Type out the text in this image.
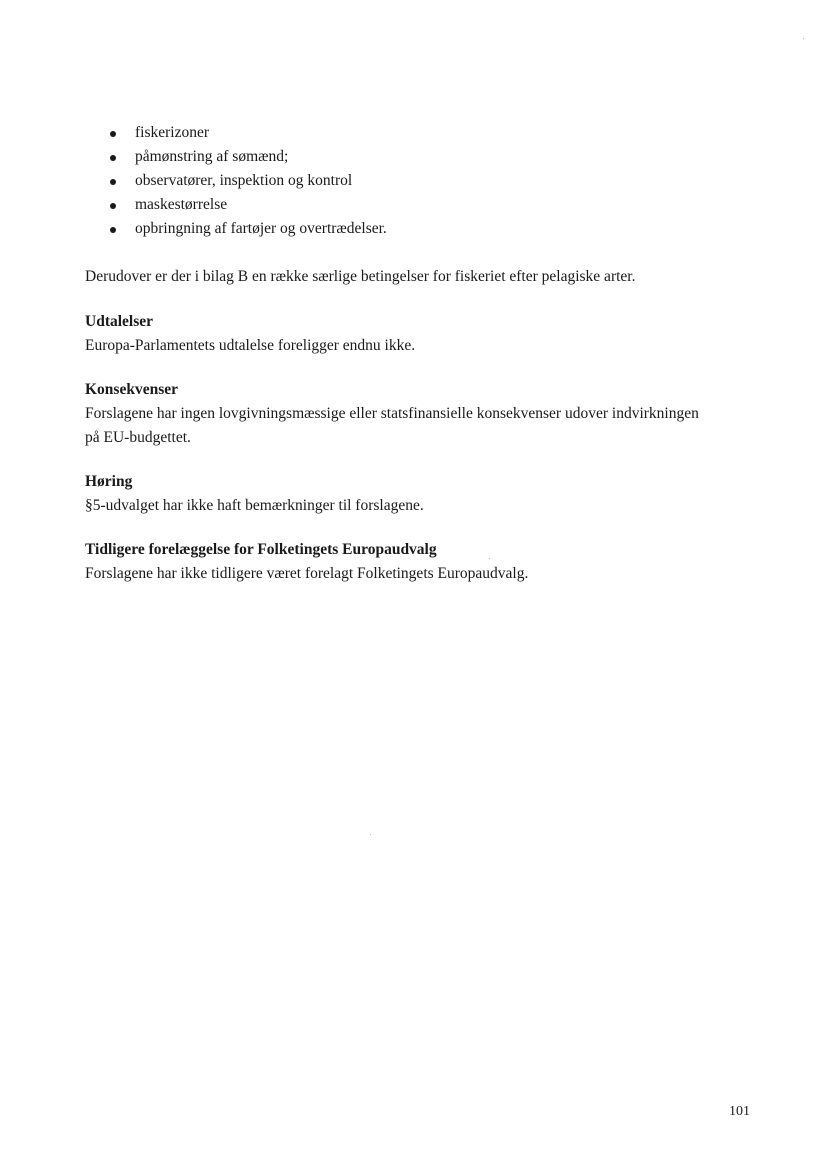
fiskerizoner
påmønstring af sømænd;
observatører, inspektion og kontrol
maskestørrelse
opbringning af fartøjer og overtrædelser.

Derudover er der i bilag B en række særlige betingelser for fiskeriet efter pelagiske arter.

Udtalelser

Europa-Parlamentets udtalelse foreligger endnu ikke.

Konsekvenser

Forslagene har ingen lovgivningsmæssige eller statsfinansielle konsekvenser udover indvirkningen

på EU-budgettet.

Høring

§5-udvalget har ikke haft bemærkninger til forslagene.

Tidligere forelæggelse for Folketingets Europaudvalg

Forslagene har ikke tidligere været forelagt Folketingets Europaudvalg.

101
